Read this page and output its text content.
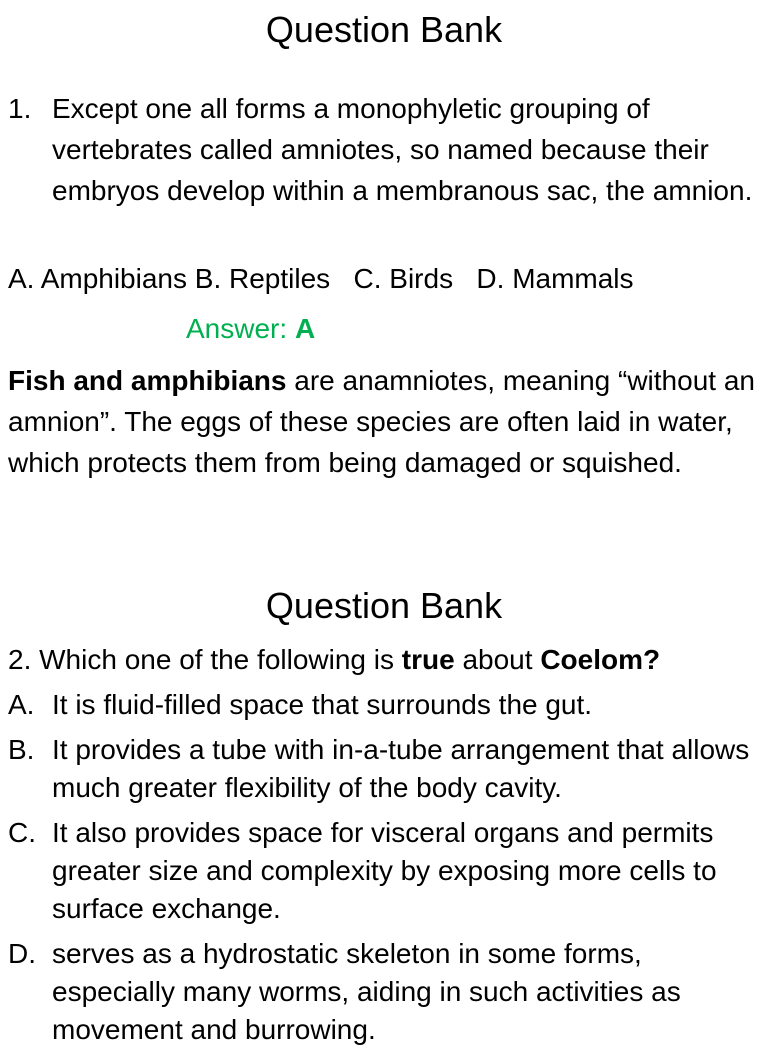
Question Bank
1. Except one all forms a monophyletic grouping of vertebrates called amniotes, so named because their embryos develop within a membranous sac, the amnion.
A. Amphibians B. Reptiles   C. Birds   D. Mammals
Answer: A

Fish and amphibians are anamniotes, meaning “without an amnion”. The eggs of these species are often laid in water, which protects them from being damaged or squished.

Question Bank

2. Which one of the following is true about Coelom?

A. It is fluid-filled space that surrounds the gut.
B. It provides a tube with in-a-tube arrangement that allows much greater flexibility of the body cavity.
C. It also provides space for visceral organs and permits greater size and complexity by exposing more cells to surface exchange.
D. serves as a hydrostatic skeleton in some forms, especially many worms, aiding in such activities as movement and burrowing.
